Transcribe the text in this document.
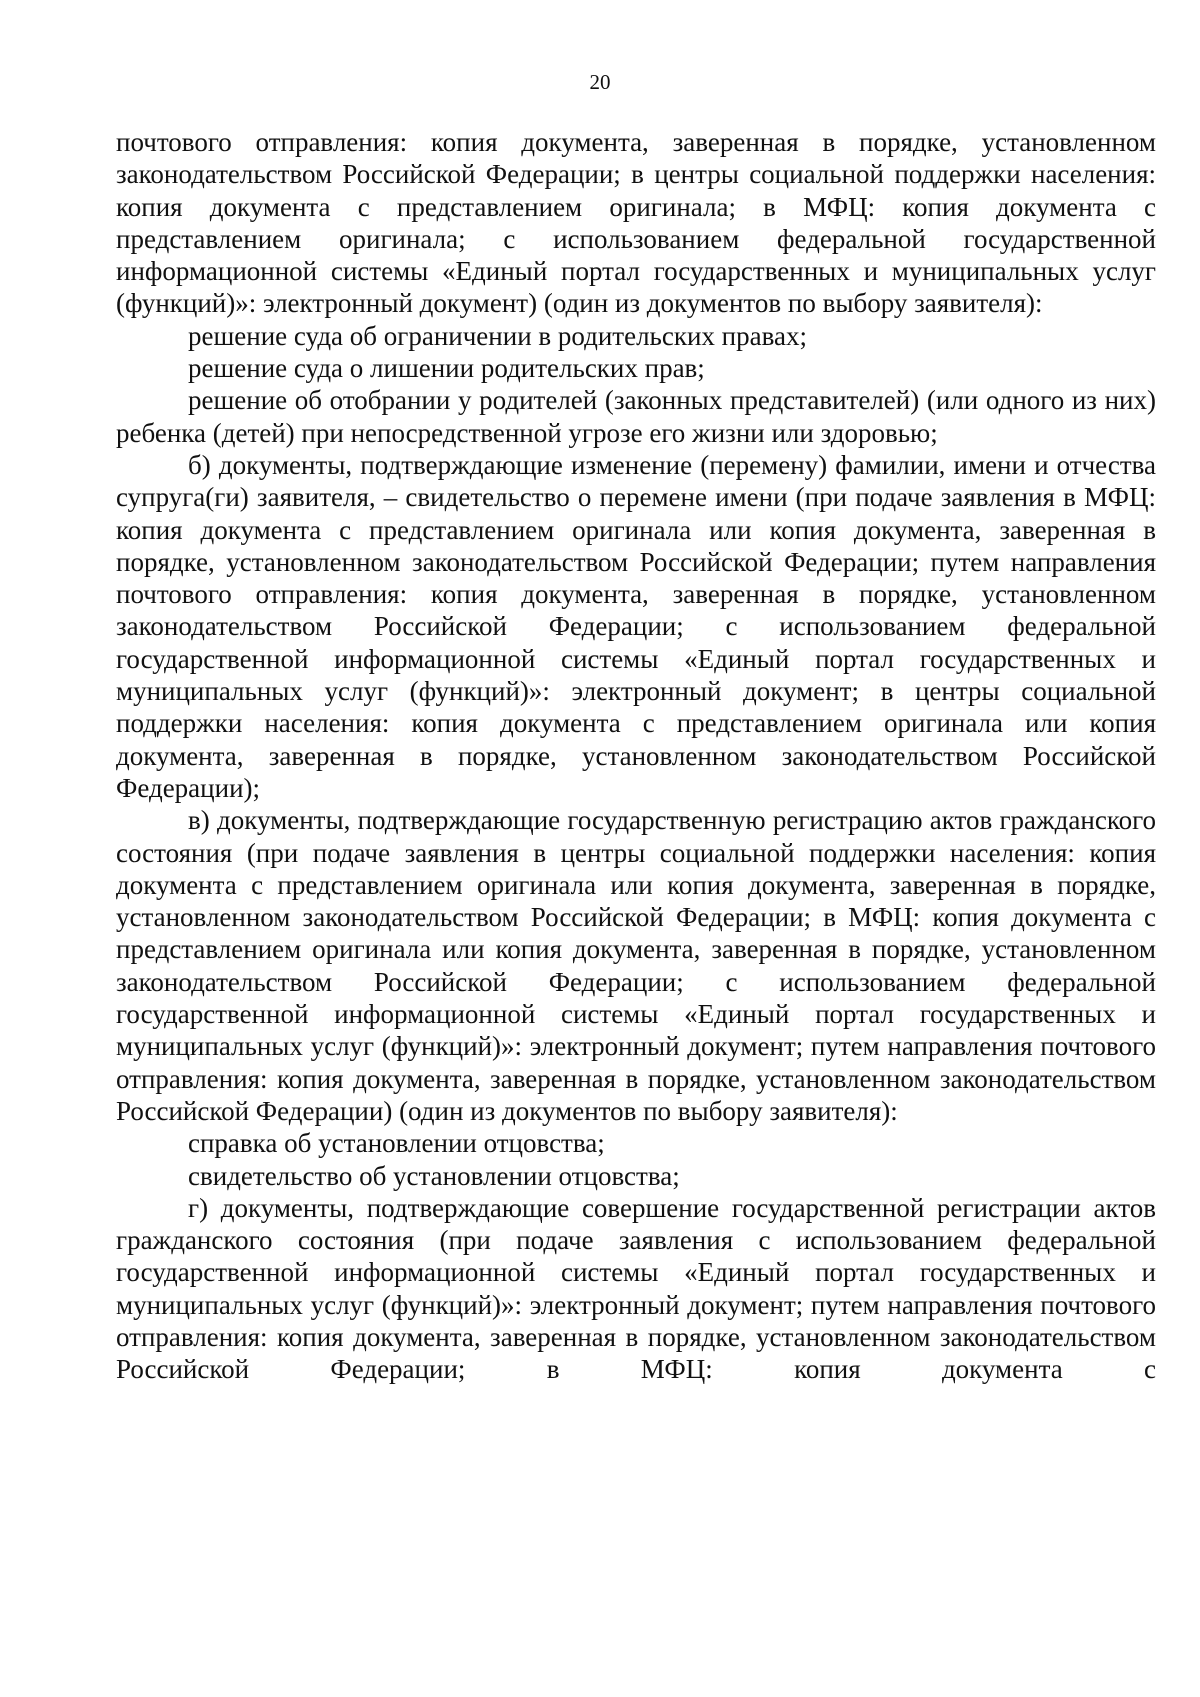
20

почтового отправления: копия документа, заверенная в порядке, установленном законодательством Российской Федерации; в центры социальной поддержки населения: копия документа с представлением оригинала; в МФЦ: копия документа с представлением оригинала; с использованием федеральной государственной информационной системы «Единый портал государственных и муниципальных услуг (функций)»: электронный документ) (один из документов по выбору заявителя):

решение суда об ограничении в родительских правах;

решение суда о лишении родительских прав;

решение об отобрании у родителей (законных представителей) (или одного из них) ребенка (детей) при непосредственной угрозе его жизни или здоровью;

б) документы, подтверждающие изменение (перемену) фамилии, имени и отчества супруга(ги) заявителя, – свидетельство о перемене имени (при подаче заявления в МФЦ: копия документа с представлением оригинала или копия документа, заверенная в порядке, установленном законодательством Российской Федерации; путем направления почтового отправления: копия документа, заверенная в порядке, установленном законодательством Российской Федерации; с использованием федеральной государственной информационной системы «Единый портал государственных и муниципальных услуг (функций)»: электронный документ; в центры социальной поддержки населения: копия документа с представлением оригинала или копия документа, заверенная в порядке, установленном законодательством Российской Федерации);

в) документы, подтверждающие государственную регистрацию актов гражданского состояния (при подаче заявления в центры социальной поддержки населения: копия документа с представлением оригинала или копия документа, заверенная в порядке, установленном законодательством Российской Федерации; в МФЦ: копия документа с представлением оригинала или копия документа, заверенная в порядке, установленном законодательством Российской Федерации; с использованием федеральной государственной информационной системы «Единый портал государственных и муниципальных услуг (функций)»: электронный документ; путем направления почтового отправления: копия документа, заверенная в порядке, установленном законодательством Российской Федерации) (один из документов по выбору заявителя):

справка об установлении отцовства;

свидетельство об установлении отцовства;

г) документы, подтверждающие совершение государственной регистрации актов гражданского состояния (при подаче заявления с использованием федеральной государственной информационной системы «Единый портал государственных и муниципальных услуг (функций)»: электронный документ; путем направления почтового отправления: копия документа, заверенная в порядке, установленном законодательством Российской Федерации; в МФЦ: копия документа с
